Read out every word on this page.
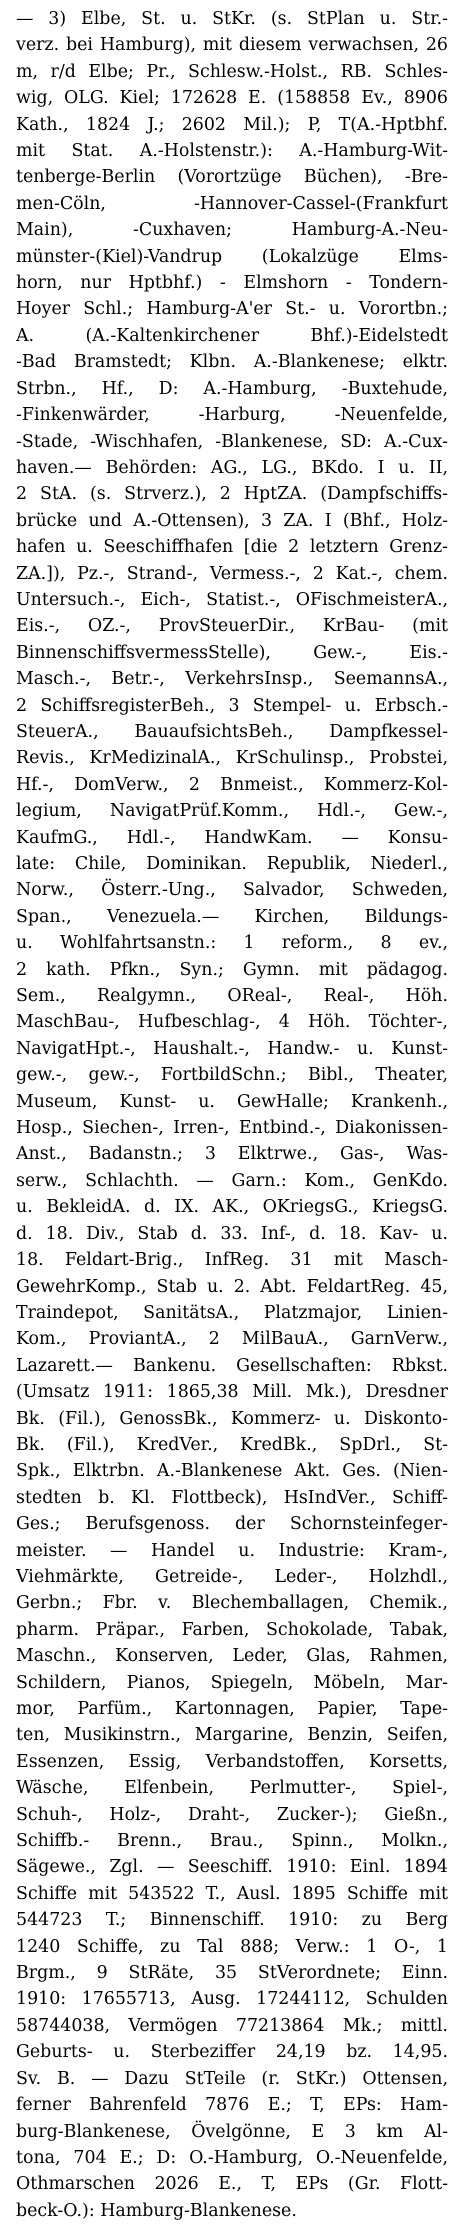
— 3) Elbe, St. u. StKr. (s. StPlan u. Str.-
verz. bei Hamburg), mit diesem verwachsen, 26
m, r/d Elbe; Pr., Schlesw.-Holst., RB. Schles-
wig, OLG. Kiel; 172628 E. (158858 Ev., 8906
Kath., 1824 J.; 2602 Mil.); P, T(A.-Hptbhf.
mit Stat. A.-Holstenstr.): A.-Hamburg-Wit-
tenberge-Berlin (Vorortzüge Büchen), -Bre-
men-Cöln, -Hannover-Cassel-(Frankfurt
Main), -Cuxhaven; Hamburg-A.-Neu-
münster-(Kiel)-Vandrup (Lokalzüge Elms-
horn, nur Hptbhf.) - Elmshorn - Tondern-
Hoyer Schl.; Hamburg-A'er St.- u. Vorortbn.;
A. (A.-Kaltenkirchener Bhf.)-Eidelstedt
-Bad Bramstedt; Klbn. A.-Blankenese; elktr.
Strbn., Hf., D: A.-Hamburg, -Buxtehude,
-Finkenwärder, -Harburg, -Neuenfelde,
-Stade, -Wischhafen, -Blankenese, SD: A.-Cux-
haven.— Behörden: AG., LG., BKdo. I u. II,
2 StA. (s. Strverz.), 2 HptZA. (Dampfschiffs-
brücke und A.-Ottensen), 3 ZA. I (Bhf., Holz-
hafen u. Seeschiffhafen [die 2 letztern Grenz-
ZA.]), Pz.-, Strand-, Vermess.-, 2 Kat.-, chem.
Untersuch.-, Eich-, Statist.-, OFischmeisterA.,
Eis.-, OZ.-, ProvSteuerDir., KrBau- (mit
BinnenschiffsvermessStelle), Gew.-, Eis.-
Masch.-, Betr.-, VerkehrsInsp., SeemannsA.,
2 SchiffsregisterBeh., 3 Stempel- u. Erbsch.-
SteuerA., BauaufsichtsBeh., Dampfkessel-
Revis., KrMedizinalA., KrSchulinsp., Probstei,
Hf.-, DomVerw., 2 Bnmeist., Kommerz-Kol-
legium, NavigatPrüf.Komm., Hdl.-, Gew.-,
KaufmG., Hdl.-, HandwKam. — Konsu-
late: Chile, Dominikan. Republik, Niederl.,
Norw., Österr.-Ung., Salvador, Schweden,
Span., Venezuela.— Kirchen, Bildungs-
u. Wohlfahrtsanstn.: 1 reform., 8 ev.,
2 kath. Pfkn., Syn.; Gymn. mit pädagog.
Sem., Realgymn., OReal-, Real-, Höh.
MaschBau-, Hufbeschlag-, 4 Höh. Töchter-,
NavigatHpt.-, Haushalt.-, Handw.- u. Kunst-
gew.-, gew.-, FortbildSchn.; Bibl., Theater,
Museum, Kunst- u. GewHalle; Krankenh.,
Hosp., Siechen-, Irren-, Entbind.-, Diakonissen-
Anst., Badanstn.; 3 Elktrwe., Gas-, Was-
serw., Schlachth. — Garn.: Kom., GenKdo.
u. BekleidA. d. IX. AK., OKriegsG., KriegsG.
d. 18. Div., Stab d. 33. Inf-, d. 18. Kav- u.
18. Feldart-Brig., InfReg. 31 mit Masch-
GewehrKomp., Stab u. 2. Abt. FeldartReg. 45,
Traindepot, SanitätsA., Platzmajor, Linien-
Kom., ProviantA., 2 MilBauA., GarnVerw.,
Lazarett.— Bankenu. Gesellschaften: Rbkst.
(Umsatz 1911: 1865,38 Mill. Mk.), Dresdner
Bk. (Fil.), GenossBk., Kommerz- u. Diskonto-
Bk. (Fil.), KredVer., KredBk., SpDrl., St-
Spk., Elktrbn. A.-Blankenese Akt. Ges. (Nien-
stedten b. Kl. Flottbeck), HsIndVer., Schiff-
Ges.; Berufsgenoss. der Schornsteinfeger-
meister. — Handel u. Industrie: Kram-,
Viehmärkte, Getreide-, Leder-, Holzhdl.,
Gerbn.; Fbr. v. Blechemballagen, Chemik.,
pharm. Präpar., Farben, Schokolade, Tabak,
Maschn., Konserven, Leder, Glas, Rahmen,
Schildern, Pianos, Spiegeln, Möbeln, Mar-
mor, Parfüm., Kartonnagen, Papier, Tape-
ten, Musikinstrn., Margarine, Benzin, Seifen,
Essenzen, Essig, Verbandstoffen, Korsetts,
Wäsche, Elfenbein, Perlmutter-, Spiel-,
Schuh-, Holz-, Draht-, Zucker-); Gießn.,
Schiffb.- Brenn., Brau., Spinn., Molkn.,
Sägewe., Zgl. — Seeschiff. 1910: Einl. 1894
Schiffe mit 543522 T., Ausl. 1895 Schiffe mit
544723 T.; Binnenschiff. 1910: zu Berg
1240 Schiffe, zu Tal 888; Verw.: 1 O-, 1
Brgm., 9 StRäte, 35 StVerordnete; Einn.
1910: 17655713, Ausg. 17244112, Schulden
58744038, Vermögen 77213864 Mk.; mittl.
Geburts- u. Sterbeziffer 24,19 bz. 14,95.
Sv. B. — Dazu StTeile (r. StKr.) Ottensen,
ferner Bahrenfeld 7876 E.; T, EPs: Ham-
burg-Blankenese, Övelgönne, E 3 km Al-
tona, 704 E.; D: O.-Hamburg, O.-Neuenfelde,
Othmarschen 2026 E., T, EPs (Gr. Flott-
beck-O.): Hamburg-Blankenese.
